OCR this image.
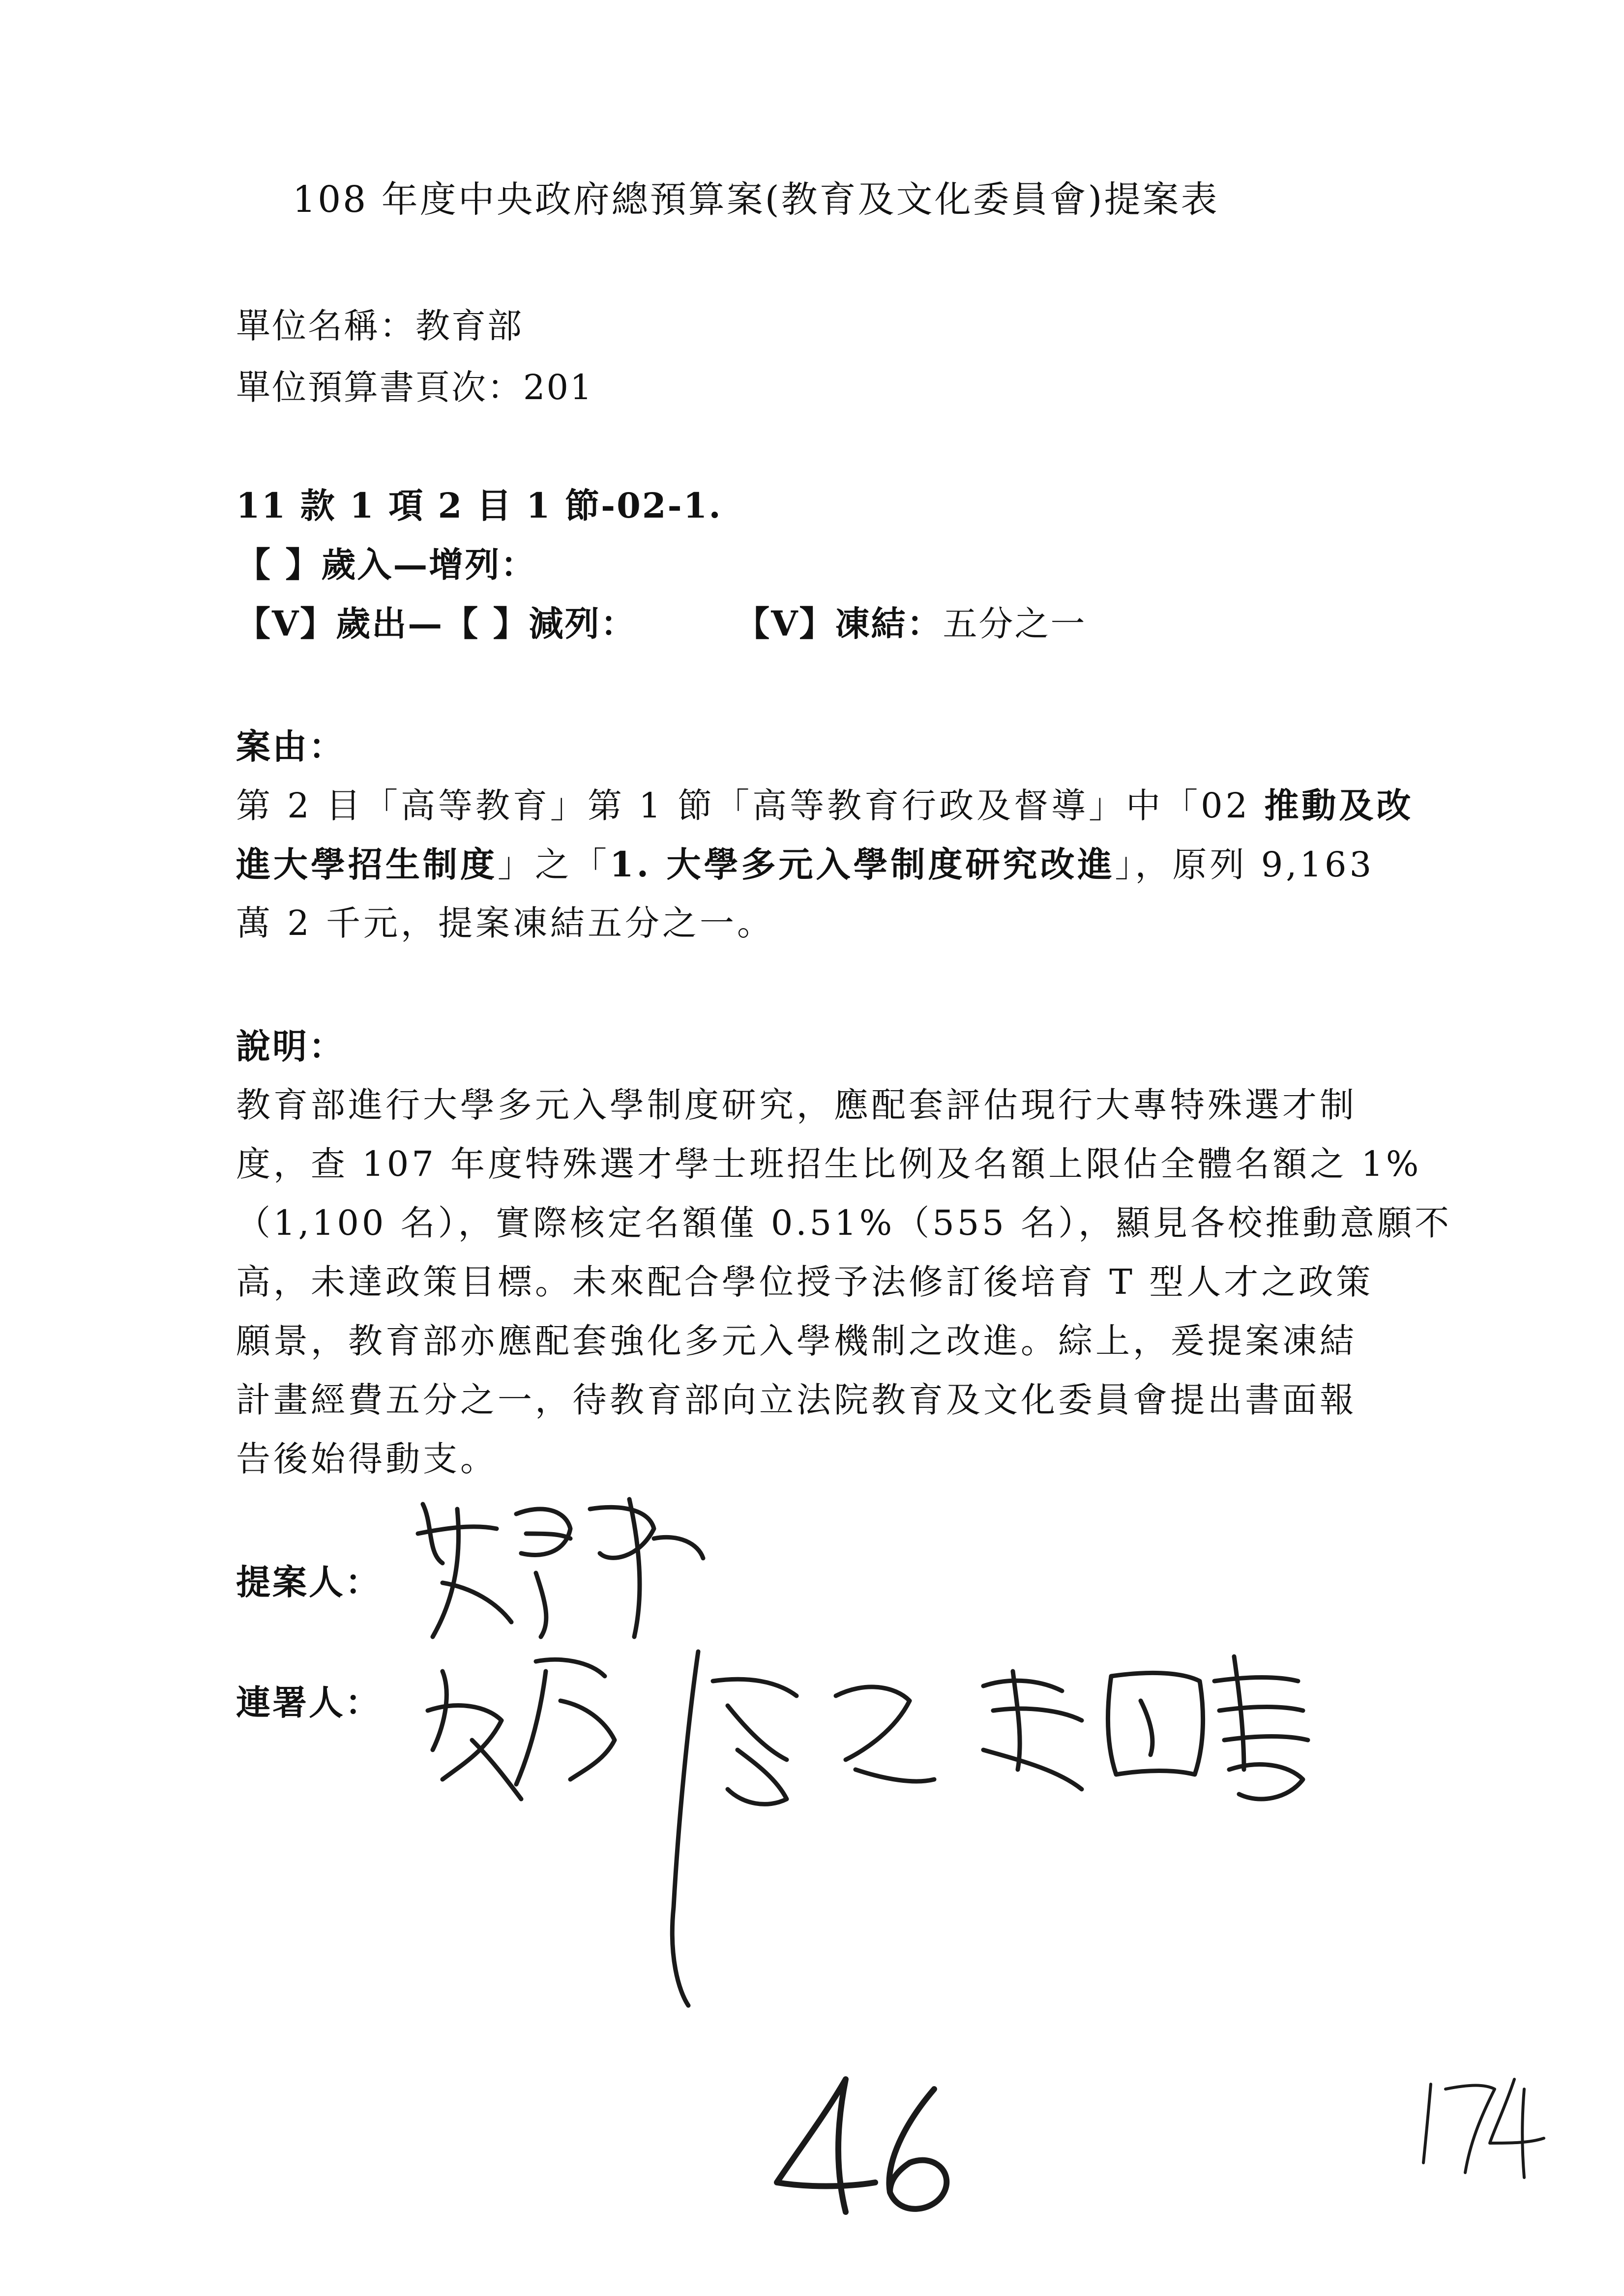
108 年度中央政府總預算案(教育及文化委員會)提案表
單位名稱：教育部
單位預算書頁次：201
11 款 1 項 2 目 1 節-02-1.
【 】歲入—增列：
【V】歲出—【 】減列：	【V】凍結：五分之一
案由：
第 2 目「高等教育」第 1 節「高等教育行政及督導」中「02 推動及改
進大學招生制度」之「1. 大學多元入學制度研究改進」，原列 9,163
萬 2 千元，提案凍結五分之一。
說明：
教育部進行大學多元入學制度研究，應配套評估現行大專特殊選才制
度，查 107 年度特殊選才學士班招生比例及名額上限佔全體名額之 1%
（1,100 名），實際核定名額僅 0.51%（555 名），顯見各校推動意願不
高，未達政策目標。未來配合學位授予法修訂後培育 T 型人才之政策
願景，教育部亦應配套強化多元入學機制之改進。綜上，爰提案凍結
計畫經費五分之一，待教育部向立法院教育及文化委員會提出書面報
告後始得動支。
提案人：
連署人：
